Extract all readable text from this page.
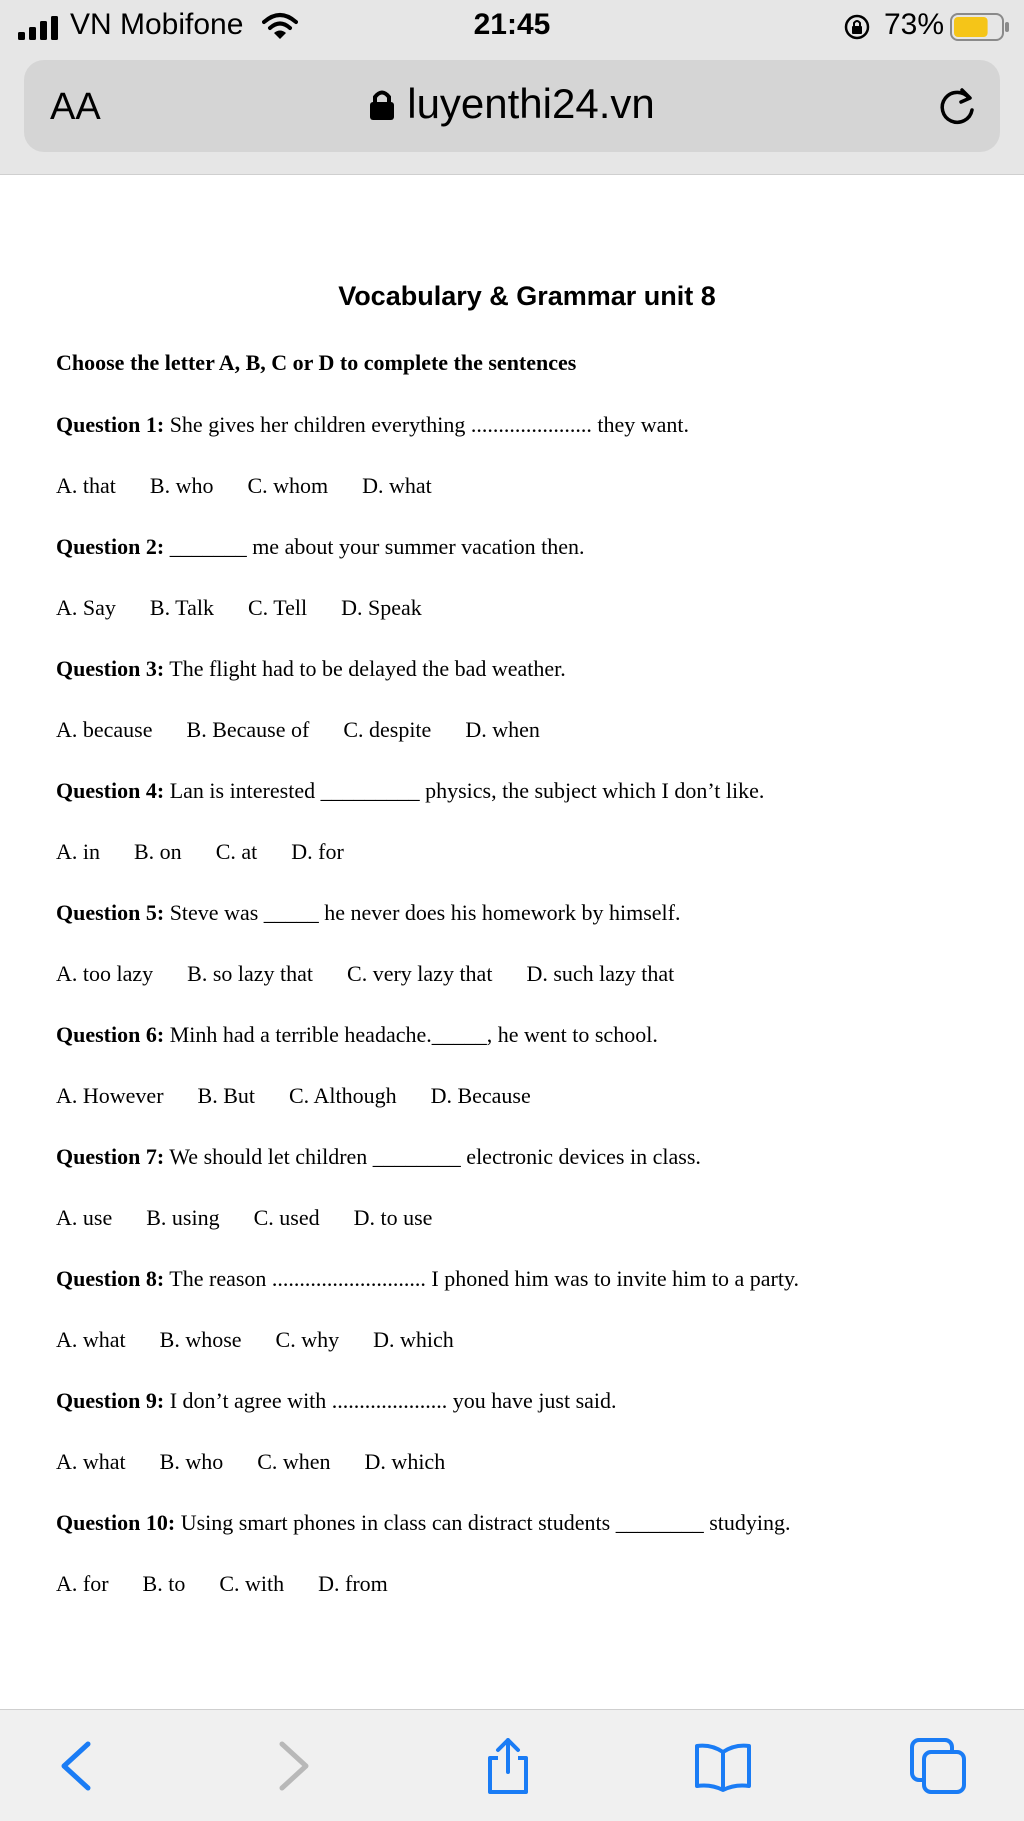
VN Mobifone	21:45	73%
AA	luyenthi24.vn
Vocabulary & Grammar unit 8
Choose the letter A, B, C or D to complete the sentences
Question 1: She gives her children everything ...................... they want.
A. that B. who C. whom D. what
Question 2: _______ me about your summer vacation then.
A. Say B. Talk C. Tell D. Speak
Question 3: The flight had to be delayed the bad weather.
A. because B. Because of C. despite D. when
Question 4: Lan is interested _________ physics, the subject which I don’t like.
A. in B. on C. at D. for
Question 5: Steve was _____ he never does his homework by himself.
A. too lazy B. so lazy that C. very lazy that D. such lazy that
Question 6: Minh had a terrible headache._____, he went to school.
A. However B. But C. Although D. Because
Question 7: We should let children ________ electronic devices in class.
A. use B. using C. used D. to use
Question 8: The reason ............................ I phoned him was to invite him to a party.
A. what B. whose C. why D. which
Question 9: I don’t agree with ..................... you have just said.
A. what B. who C. when D. which
Question 10: Using smart phones in class can distract students ________ studying.
A. for B. to C. with D. from
